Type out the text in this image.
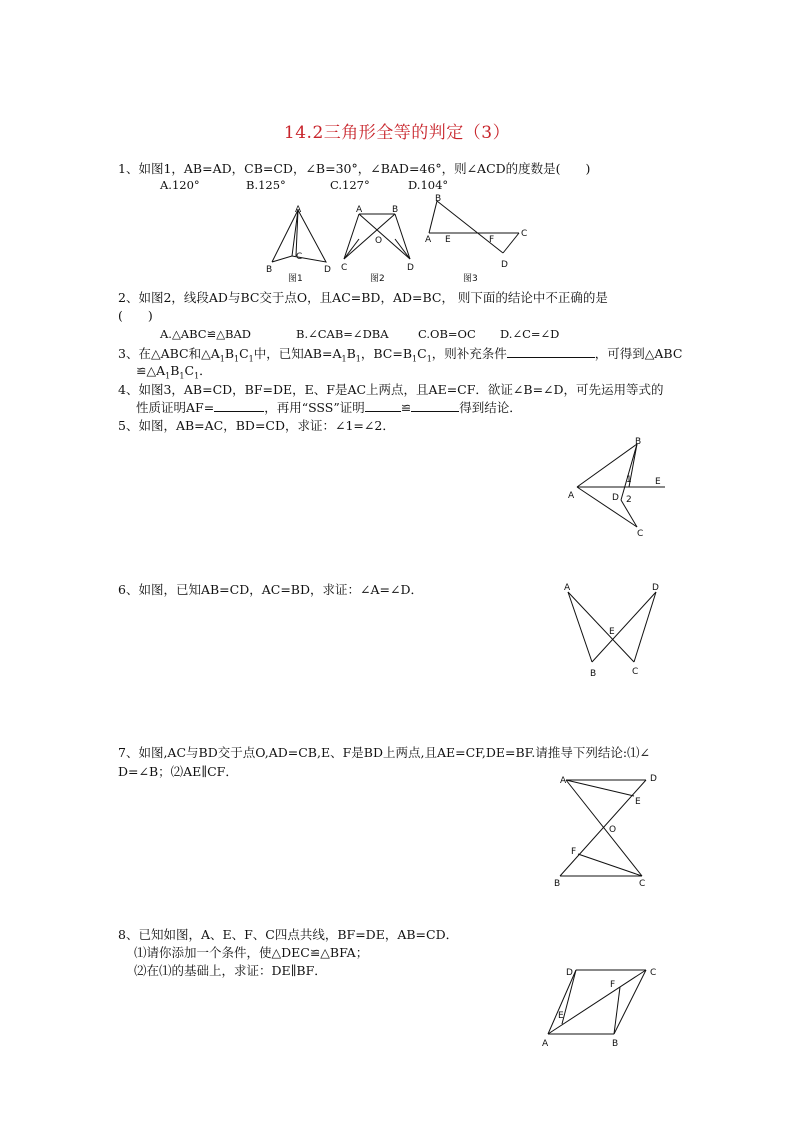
14.2三角形全等的判定（3）
1、如图1，AB=AD，CB=CD，∠B=30°，∠BAD=46°，则∠ACD的度数是(　　)
A.120°	B.125°	C.127°	D.104°
A
B
C
D
图1
A	B
O
C	D
图2
B
A E	F
C
D
图3
2、如图2，线段AD与BC交于点O，且AC=BD，AD=BC， 则下面的结论中不正确的是
(　　)
A.△ABC≌△BAD	B.∠CAB=∠DBA	C.OB=OC D.∠C=∠D
3、在△ABC和$\triangle A_1B_1C_1$中，已知$AB=A_1B_1$，$BC=B_1C_1$，则补充条件	，可得到△ABC
$≌\triangle A_1B_1C_1$．
4、如图3，AB=CD，BF=DE，E、F是AC上两点，且AE=CF．欲证∠B=∠D，可先运用等式的
性质证明AF=	，再用“SSS”证明	≌	得到结论．
5、如图，AB=AC，BD=CD，求证：∠1=∠2．
B
A
E
D
C
1
2
6、如图，已知AB=CD，AC=BD，求证：∠A=∠D．	A	D
E
B	C
7、如图,AC与BD交于点O,AD=CB,E、F是BD上两点,且AE=CF,DE=BF.请推导下列结论:⑴∠
D=∠B；⑵AE∥CF．
A	D
E
O
F
B	C
8、已知如图，A、E、F、C四点共线，BF=DE，AB=CD．
⑴请你添加一个条件，使△DEC≌△BFA；
⑵在⑴的基础上，求证：DE∥BF．	D	C
F
E
A	B
